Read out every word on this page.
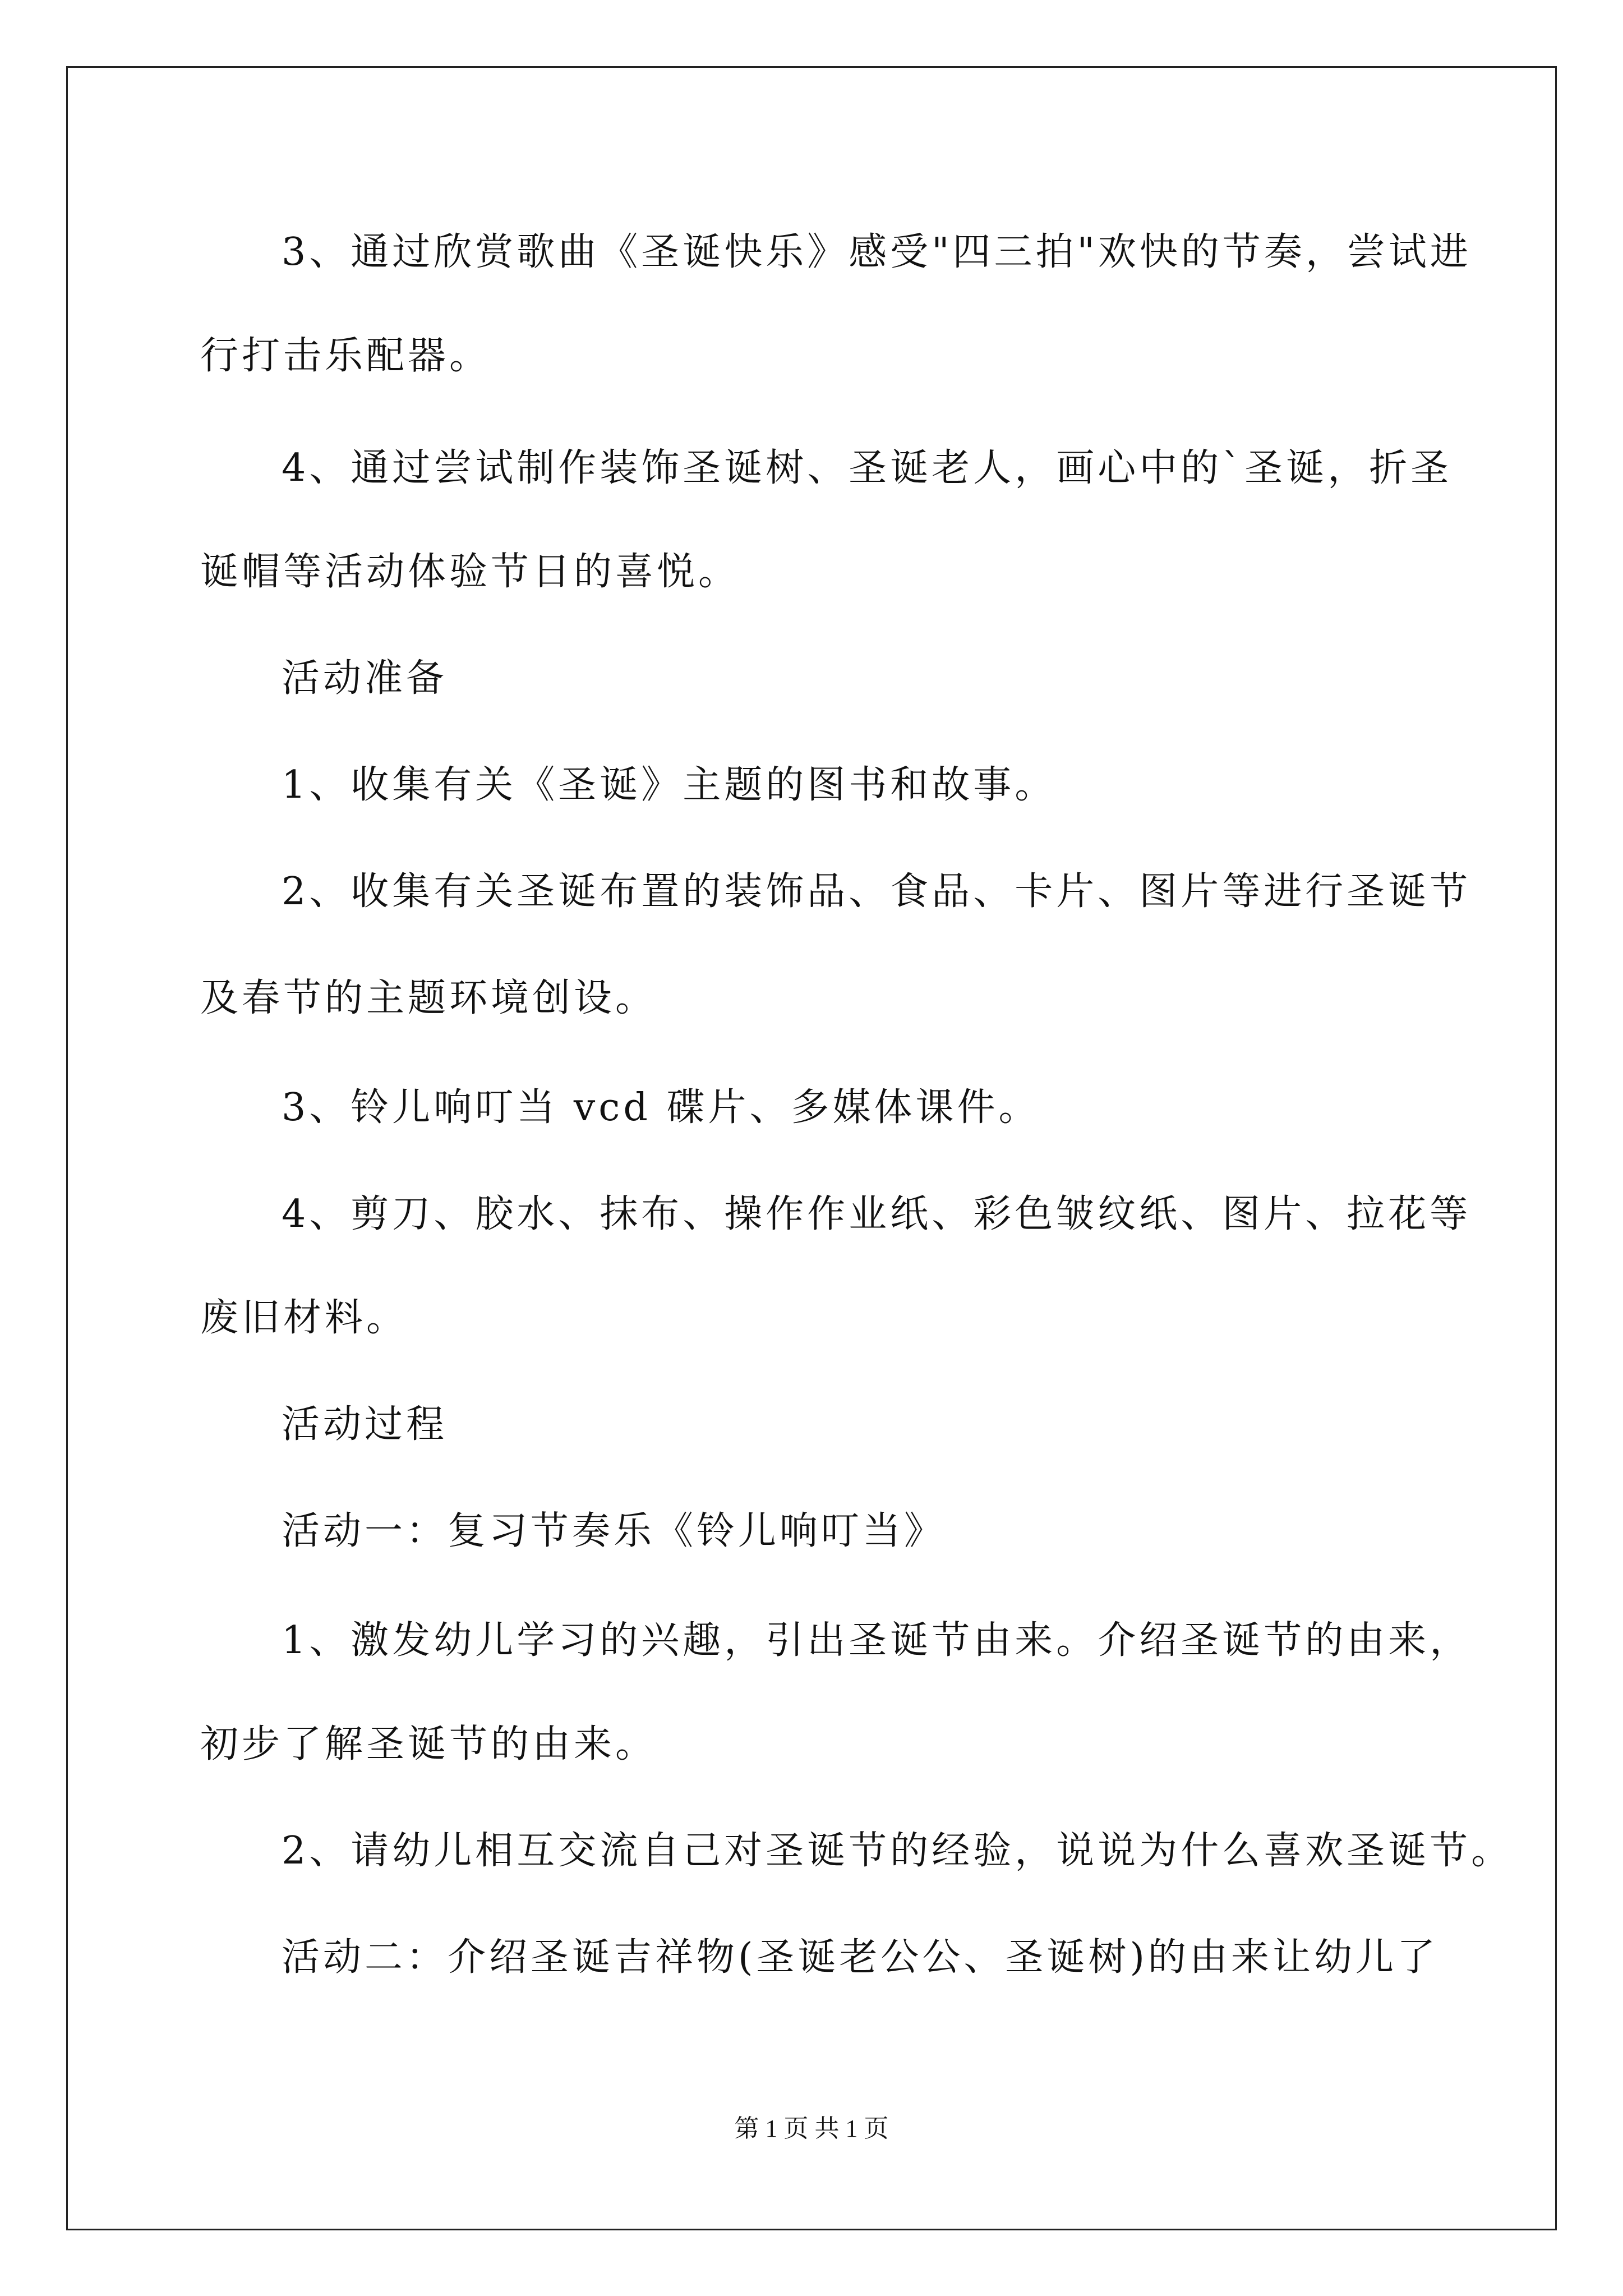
3、通过欣赏歌曲《圣诞快乐》感受"四三拍"欢快的节奏，尝试进
行打击乐配器。
4、通过尝试制作装饰圣诞树、圣诞老人，画心中的`圣诞，折圣
诞帽等活动体验节日的喜悦。
活动准备
1、收集有关《圣诞》主题的图书和故事。
2、收集有关圣诞布置的装饰品、食品、卡片、图片等进行圣诞节
及春节的主题环境创设。
3、铃儿响叮当 vcd 碟片、多媒体课件。
4、剪刀、胶水、抹布、操作作业纸、彩色皱纹纸、图片、拉花等
废旧材料。
活动过程
活动一：复习节奏乐《铃儿响叮当》
1、激发幼儿学习的兴趣，引出圣诞节由来。介绍圣诞节的由来，
初步了解圣诞节的由来。
2、请幼儿相互交流自己对圣诞节的经验，说说为什么喜欢圣诞节。
活动二：介绍圣诞吉祥物(圣诞老公公、圣诞树)的由来让幼儿了
第 1 页 共 1 页
